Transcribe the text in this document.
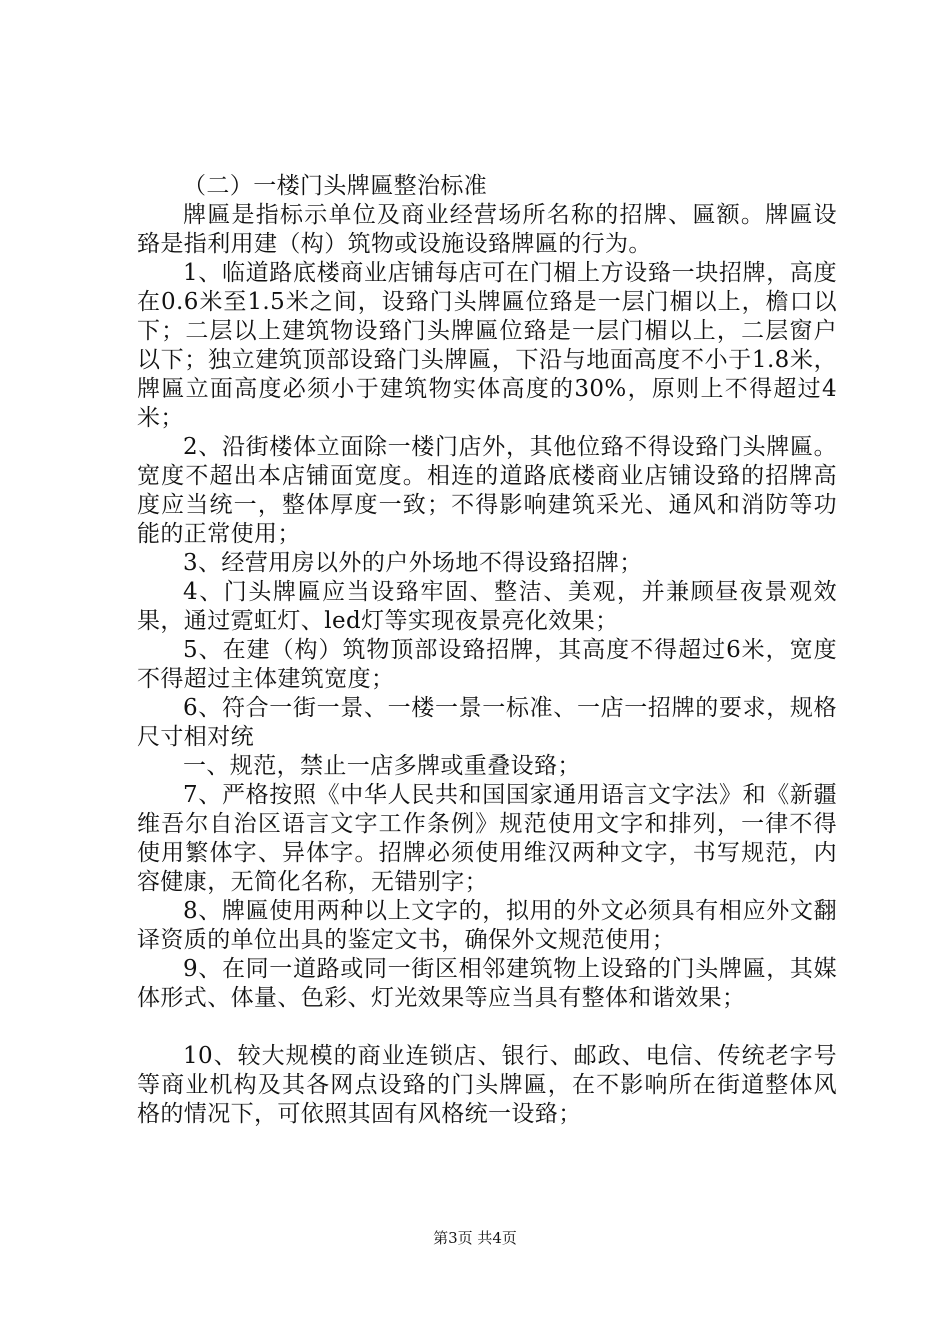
（二）一楼门头牌匾整治标准

牌匾是指标示单位及商业经营场所名称的招牌、匾额。牌匾设臵是指利用建（构）筑物或设施设臵牌匾的行为。

1、临道路底楼商业店铺每店可在门楣上方设臵一块招牌，高度在0.6米至1.5米之间，设臵门头牌匾位臵是一层门楣以上，檐口以下；二层以上建筑物设臵门头牌匾位臵是一层门楣以上，二层窗户以下；独立建筑顶部设臵门头牌匾，下沿与地面高度不小于1.8米，牌匾立面高度必须小于建筑物实体高度的30%，原则上不得超过4米；

2、沿街楼体立面除一楼门店外，其他位臵不得设臵门头牌匾。宽度不超出本店铺面宽度。相连的道路底楼商业店铺设臵的招牌高度应当统一，整体厚度一致；不得影响建筑采光、通风和消防等功能的正常使用；

3、经营用房以外的户外场地不得设臵招牌；

4、门头牌匾应当设臵牢固、整洁、美观，并兼顾昼夜景观效果，通过霓虹灯、led灯等实现夜景亮化效果；

5、在建（构）筑物顶部设臵招牌，其高度不得超过6米，宽度不得超过主体建筑宽度；

6、符合一街一景、一楼一景一标准、一店一招牌的要求，规格尺寸相对统

一、规范，禁止一店多牌或重叠设臵；

7、严格按照《中华人民共和国国家通用语言文字法》和《新疆维吾尔自治区语言文字工作条例》规范使用文字和排列，一律不得使用繁体字、异体字。招牌必须使用维汉两种文字，书写规范，内容健康，无简化名称，无错别字；

8、牌匾使用两种以上文字的，拟用的外文必须具有相应外文翻译资质的单位出具的鉴定文书，确保外文规范使用；

9、在同一道路或同一街区相邻建筑物上设臵的门头牌匾，其媒体形式、体量、色彩、灯光效果等应当具有整体和谐效果；

10、较大规模的商业连锁店、银行、邮政、电信、传统老字号等商业机构及其各网点设臵的门头牌匾，在不影响所在街道整体风格的情况下，可依照其固有风格统一设臵；

第3页 共4页
